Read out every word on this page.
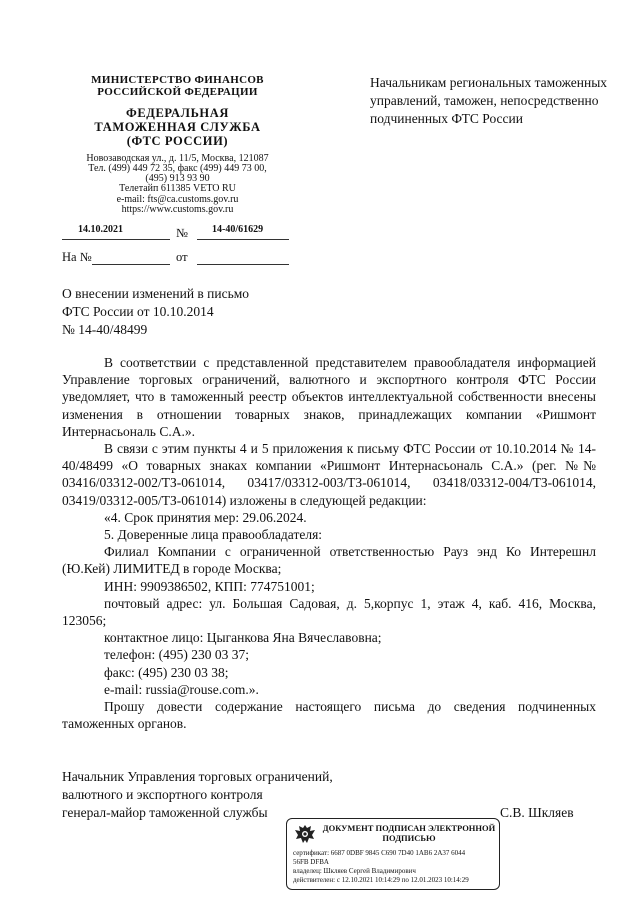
МИНИСТЕРСТВО ФИНАНСОВ
РОССИЙСКОЙ ФЕДЕРАЦИИ
ФЕДЕРАЛЬНАЯ
ТАМОЖЕННАЯ СЛУЖБА
(ФТС РОССИИ)
Новозаводская ул., д. 11/5, Москва, 121087
Тел. (499) 449 72 35, факс (499) 449 73 00,
(495) 913 93 90
Телетайп 611385 VETO RU
e-mail: fts@ca.customs.gov.ru
https://www.customs.gov.ru
14.10.2021	№ 14-40/61629
На №	от
Начальникам региональных таможенных управлений, таможен, непосредственно подчиненных ФТС России
О внесении изменений в письмо
ФТС России от 10.10.2014
№ 14-40/48499

В соответствии с представленной представителем правообладателя информацией Управление торговых ограничений, валютного и экспортного контроля ФТС России уведомляет, что в таможенный реестр объектов интеллектуальной собственности внесены изменения в отношении товарных знаков, принадлежащих компании «Ришмонт Интернасьональ С.А.».

В связи с этим пункты 4 и 5 приложения к письму ФТС России от 10.10.2014 № 14-40/48499 «О товарных знаках компании «Ришмонт Интернасьональ С.А.» (рег. №№ 03416/03312-002/ТЗ-061014, 03417/03312-003/ТЗ-061014, 03418/03312-004/ТЗ-061014, 03419/03312-005/ТЗ-061014) изложены в следующей редакции:

«4. Срок принятия мер: 29.06.2024.

5. Доверенные лица правообладателя:

Филиал Компании с ограниченной ответственностью Рауз энд Ко Интерешнл (Ю.Кей) ЛИМИТЕД в городе Москва;

ИНН: 9909386502, КПП: 774751001;

почтовый адрес: ул. Большая Садовая, д. 5,корпус 1, этаж 4, каб. 416, Москва, 123056;

контактное лицо: Цыганкова Яна Вячеславовна;

телефон: (495) 230 03 37;

факс: (495) 230 03 38;

e-mail: russia@rouse.com.».

Прошу довести содержание настоящего письма до сведения подчиненных таможенных органов.

Начальник Управления торговых ограничений,
валютного и экспортного контроля
генерал-майор таможенной службы	С.В. Шкляев
ДОКУМЕНТ ПОДПИСАН ЭЛЕКТРОННОЙ
ПОДПИСЬЮ
сертификат: 6687 0DBF 9845 C690 7D40 1AB6 2A37 6044
56FB DFBA
владелец: Шкляев Сергей Владимирович
действителен: с 12.10.2021 10:14:29 по 12.01.2023 10:14:29
